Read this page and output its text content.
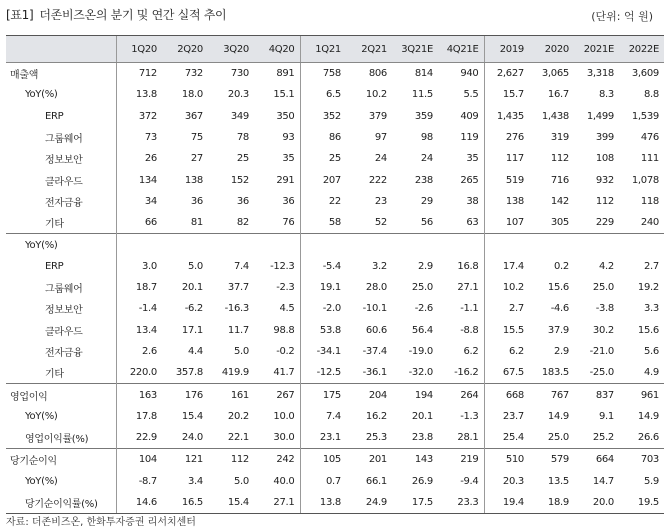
[표1] 더존비즈온의 분기 및 연간 실적 추이	(단위: 억 원)
	1Q20	2Q20	3Q20	4Q20	1Q21	2Q21	3Q21E	4Q21E	2019	2020	2021E	2022E
매출액	712	732	730	891	758	806	814	940	2,627	3,065	3,318	3,609
YoY(%)	13.8	18.0	20.3	15.1	6.5	10.2	11.5	5.5	15.7	16.7	8.3	8.8
ERP	372	367	349	350	352	379	359	409	1,435	1,438	1,499	1,539
그룹웨어	73	75	78	93	86	97	98	119	276	319	399	476
정보보안	26	27	25	35	25	24	24	35	117	112	108	111
클라우드	134	138	152	291	207	222	238	265	519	716	932	1,078
전자금융	34	36	36	36	22	23	29	38	138	142	112	118
기타	66	81	82	76	58	52	56	63	107	305	229	240
YoY(%)												
ERP	3.0	5.0	7.4	-12.3	-5.4	3.2	2.9	16.8	17.4	0.2	4.2	2.7
그룹웨어	18.7	20.1	37.7	-2.3	19.1	28.0	25.0	27.1	10.2	15.6	25.0	19.2
정보보안	-1.4	-6.2	-16.3	4.5	-2.0	-10.1	-2.6	-1.1	2.7	-4.6	-3.8	3.3
클라우드	13.4	17.1	11.7	98.8	53.8	60.6	56.4	-8.8	15.5	37.9	30.2	15.6
전자금융	2.6	4.4	5.0	-0.2	-34.1	-37.4	-19.0	6.2	6.2	2.9	-21.0	5.6
기타	220.0	357.8	419.9	41.7	-12.5	-36.1	-32.0	-16.2	67.5	183.5	-25.0	4.9
영업이익	163	176	161	267	175	204	194	264	668	767	837	961
YoY(%)	17.8	15.4	20.2	10.0	7.4	16.2	20.1	-1.3	23.7	14.9	9.1	14.9
영업이익률(%)	22.9	24.0	22.1	30.0	23.1	25.3	23.8	28.1	25.4	25.0	25.2	26.6
당기순이익	104	121	112	242	105	201	143	219	510	579	664	703
YoY(%)	-8.7	3.4	5.0	40.0	0.7	66.1	26.9	-9.4	20.3	13.5	14.7	5.9
당기순이익률(%)	14.6	16.5	15.4	27.1	13.8	24.9	17.5	23.3	19.4	18.9	20.0	19.5
자료: 더존비즈온, 한화투자증권 리서치센터
